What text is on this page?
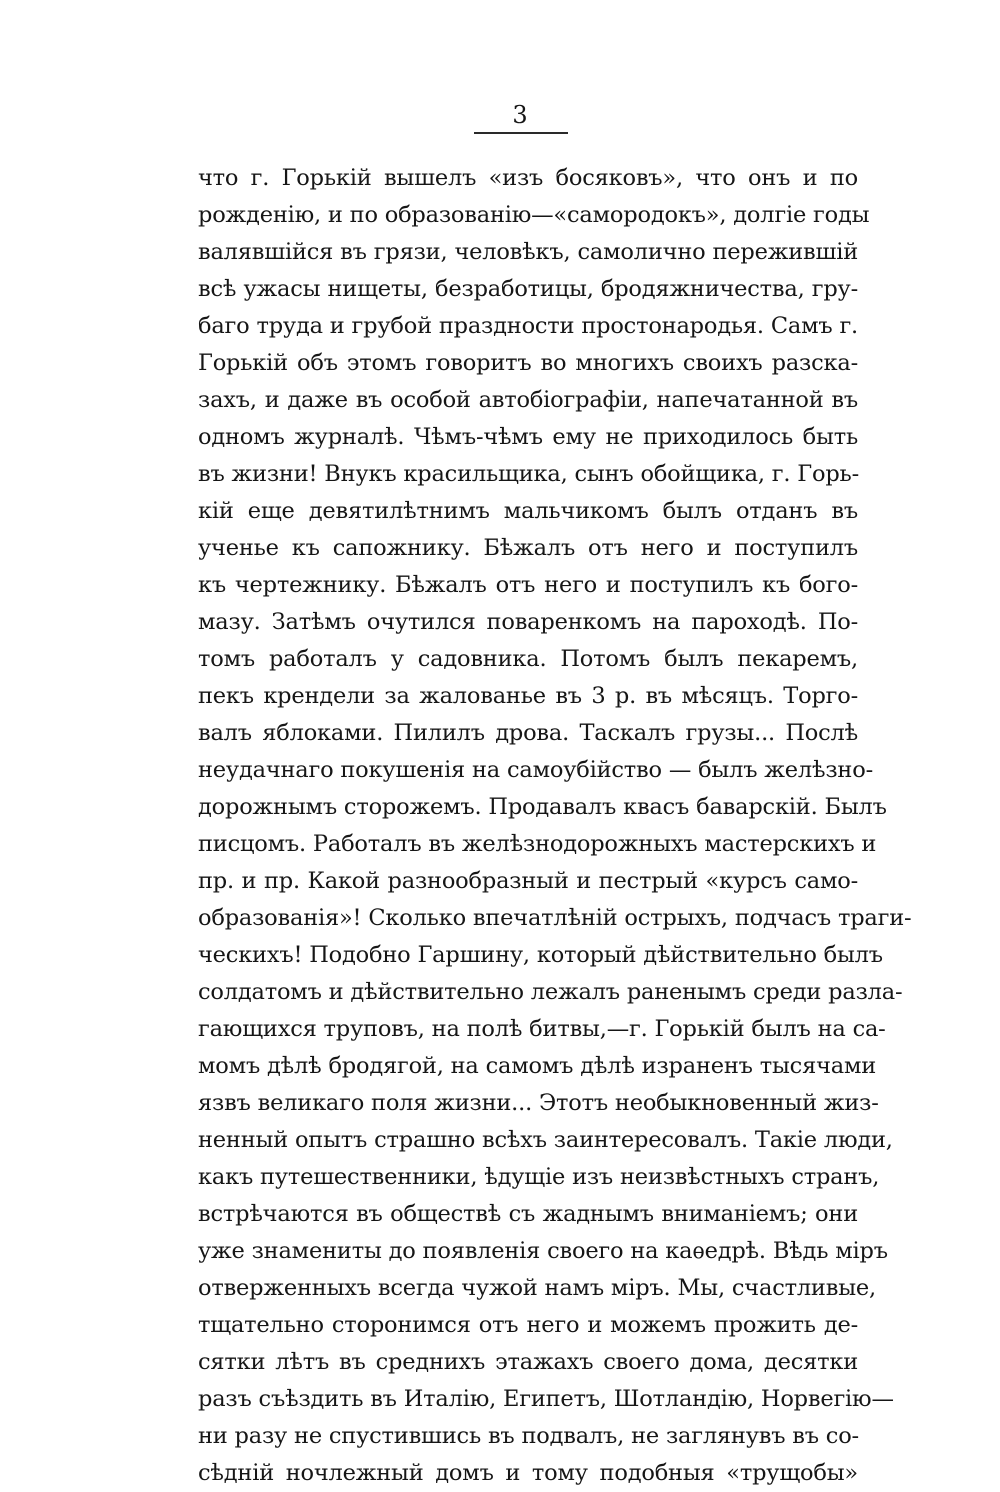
3
что г. Горькій вышелъ «изъ босяковъ», что онъ и по
рожденію, и по образованію—«самородокъ», долгіе годы
валявшійся въ грязи, человѣкъ, самолично пережившій
всѣ ужасы нищеты, безработицы, бродяжничества, гру-
баго труда и грубой праздности простонародья. Самъ г.
Горькій объ этомъ говоритъ во многихъ своихъ разска-
захъ, и даже въ особой автобіографіи, напечатанной въ
одномъ журналѣ. Чѣмъ-чѣмъ ему не приходилось быть
въ жизни! Внукъ красильщика, сынъ обойщика, г. Горь-
кій еще девятилѣтнимъ мальчикомъ былъ отданъ въ
ученье къ сапожнику. Бѣжалъ отъ него и поступилъ
къ чертежнику. Бѣжалъ отъ него и поступилъ къ бого-
мазу. Затѣмъ очутился поваренкомъ на пароходѣ. По-
томъ работалъ у садовника. Потомъ былъ пекаремъ,
пекъ крендели за жалованье въ 3 р. въ мѣсяцъ. Торго-
валъ яблоками. Пилилъ дрова. Таскалъ грузы... Послѣ
неудачнаго покушенія на самоубійство — былъ желѣзно-
дорожнымъ сторожемъ. Продавалъ квасъ баварскій. Былъ
писцомъ. Работалъ въ желѣзнодорожныхъ мастерскихъ и
пр. и пр. Какой разнообразный и пестрый «курсъ само-
образованія»! Сколько впечатлѣній острыхъ, подчасъ траги-
ческихъ! Подобно Гаршину, который дѣйствительно былъ
солдатомъ и дѣйствительно лежалъ раненымъ среди разла-
гающихся труповъ, на полѣ битвы,—г. Горькій былъ на са-
момъ дѣлѣ бродягой, на самомъ дѣлѣ израненъ тысячами
язвъ великаго поля жизни... Этотъ необыкновенный жиз-
ненный опытъ страшно всѣхъ заинтересовалъ. Такіе люди,
какъ путешественники, ѣдущіе изъ неизвѣстныхъ странъ,
встрѣчаются въ обществѣ съ жаднымъ вниманіемъ; они
уже знамениты до появленія своего на каѳедрѣ. Вѣдь міръ
отверженныхъ всегда чужой намъ міръ. Мы, счастливые,
тщательно сторонимся отъ него и можемъ прожить де-
сятки лѣтъ въ среднихъ этажахъ своего дома, десятки
разъ съѣздить въ Италію, Египетъ, Шотландію, Норвегію—
ни разу не спустившись въ подвалъ, не заглянувъ въ со-
сѣдній ночлежный домъ и тому подобныя «трущобы»
